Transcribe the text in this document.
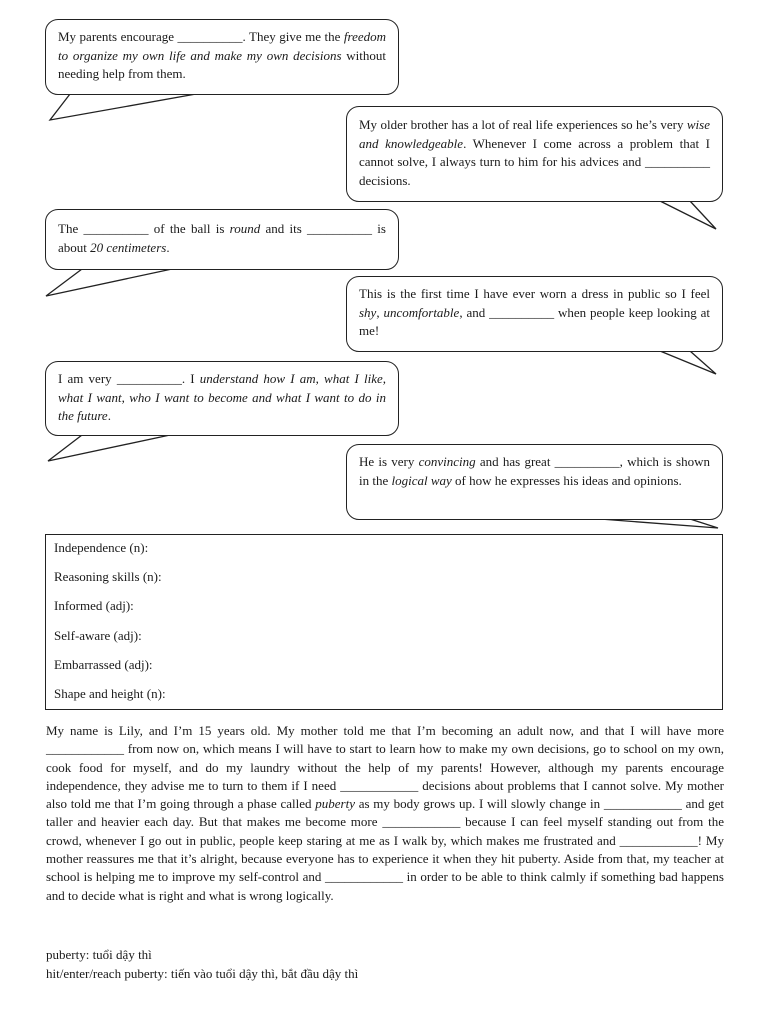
My parents encourage __________. They give me the freedom to organize my own life and make my own decisions without needing help from them.

My older brother has a lot of real life experiences so he’s very wise and knowledgeable. Whenever I come across a problem that I cannot solve, I always turn to him for his advices and __________ decisions.

The __________ of the ball is round and its __________ is about 20 centimeters.

This is the first time I have ever worn a dress in public so I feel shy, uncomfortable, and __________ when people keep looking at me!

I am very __________. I understand how I am, what I like, what I want, who I want to become and what I want to do in the future.

He is very convincing and has great __________, which is shown in the logical way of how he expresses his ideas and opinions.

Independence (n):
Reasoning skills (n):
Informed (adj):
Self-aware (adj):
Embarrassed (adj):
Shape and height (n):

My name is Lily, and I’m 15 years old. My mother told me that I’m becoming an adult now, and that I will have more ____________ from now on, which means I will have to start to learn how to make my own decisions, go to school on my own, cook food for myself, and do my laundry without the help of my parents! However, although my parents encourage independence, they advise me to turn to them if I need ____________ decisions about problems that I cannot solve. My mother also told me that I’m going through a phase called puberty as my body grows up. I will slowly change in ____________ and get taller and heavier each day. But that makes me become more ____________ because I can feel myself standing out from the crowd, whenever I go out in public, people keep staring at me as I walk by, which makes me frustrated and ____________! My mother reassures me that it’s alright, because everyone has to experience it when they hit puberty. Aside from that, my teacher at school is helping me to improve my self-control and ____________ in order to be able to think calmly if something bad happens and to decide what is right and what is wrong logically.

puberty: tuổi dậy thì

hit/enter/reach puberty: tiến vào tuổi dậy thì, bắt đầu dậy thì
